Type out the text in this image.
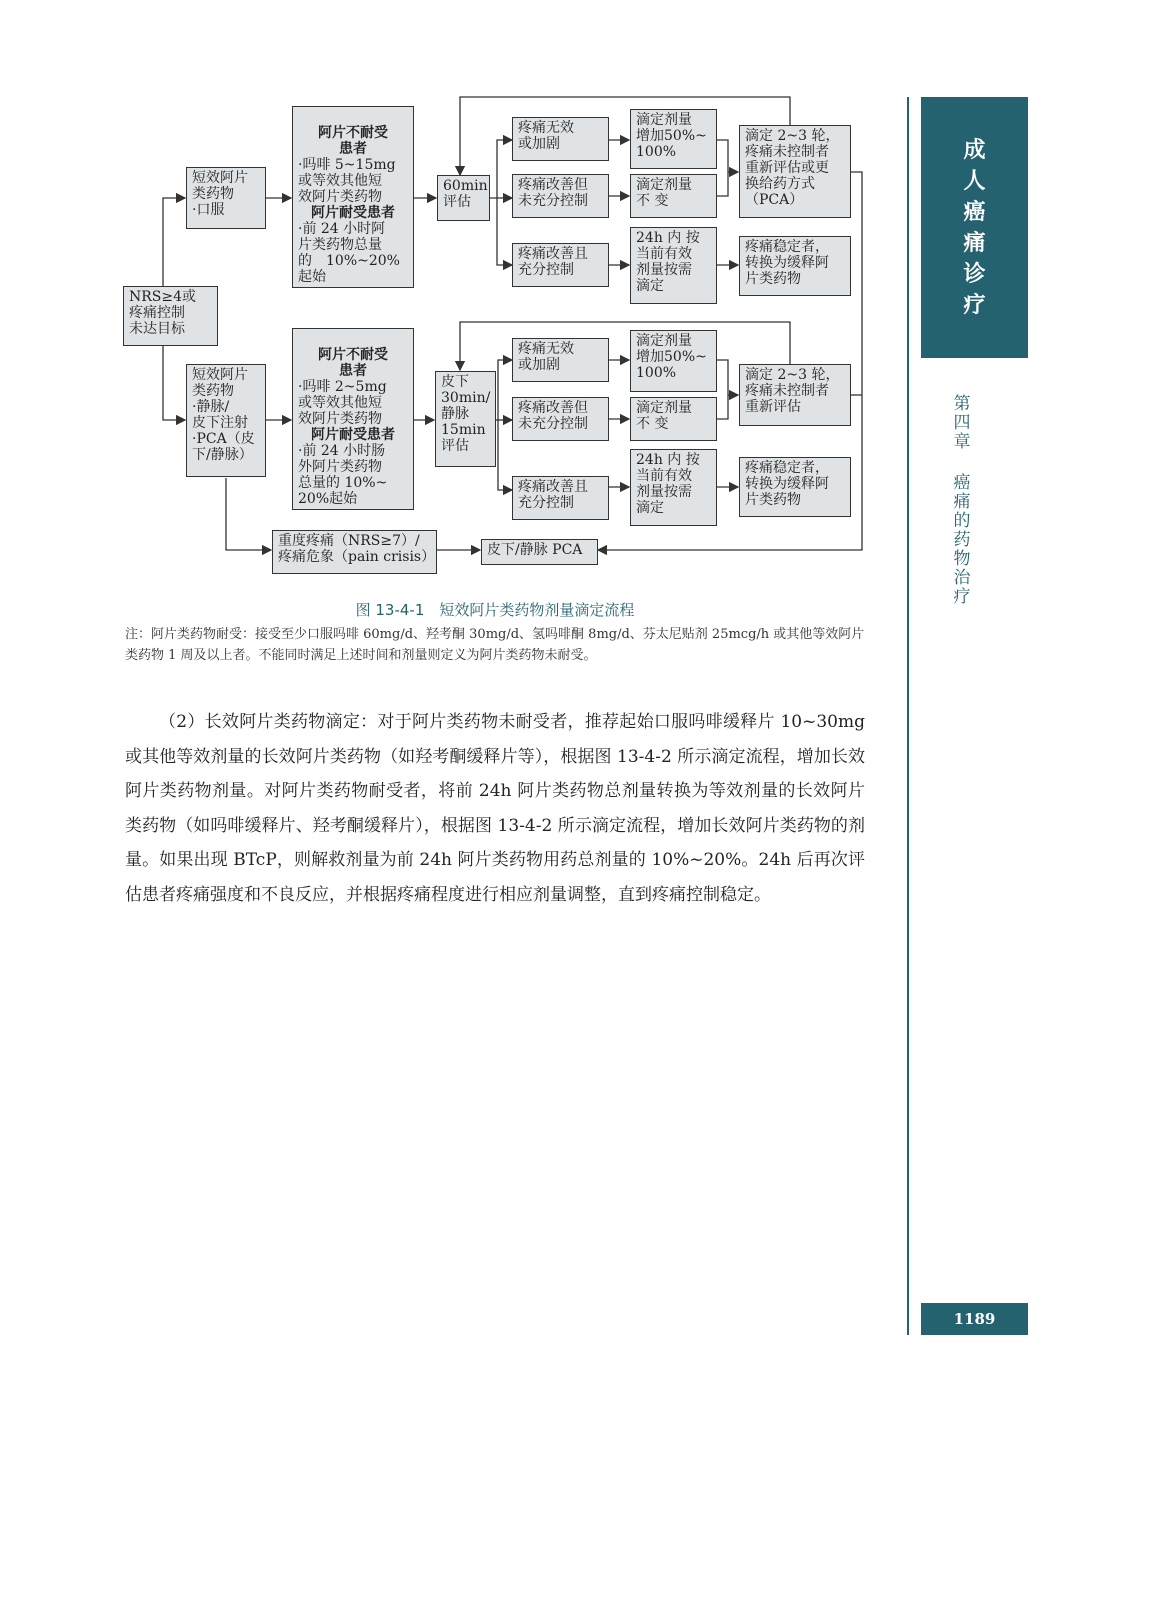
NRS≥4或
疼痛控制
未达目标
短效阿片
类药物
·口服

阿片不耐受
患者
·吗啡 5~15mg
或等效其他短
效阿片类药物

阿片耐受患者
·前 24 小时阿
片类药物总量
的　10%~20%
起始

60min
评估
疼痛无效
或加剧
疼痛改善但
未充分控制
疼痛改善且
充分控制
滴定剂量
增加50%~
100%
滴定剂量
不 变
24h 内 按
当前有效
剂量按需
滴定
滴定 2~3 轮，
疼痛未控制者
重新评估或更
换给药方式
（PCA）
疼痛稳定者，
转换为缓释阿
片类药物
短效阿片
类药物
·静脉/
皮下注射
·PCA（皮
下/静脉）

阿片不耐受
患者
·吗啡 2~5mg
或等效其他短
效阿片类药物

阿片耐受患者
·前 24 小时肠
外阿片类药物
总量的 10%~
20%起始

皮下
30min/
静脉
15min
评估
疼痛无效
或加剧
疼痛改善但
未充分控制
疼痛改善且
充分控制
滴定剂量
增加50%~
100%
滴定剂量
不 变
24h 内 按
当前有效
剂量按需
滴定
滴定 2~3 轮，
疼痛未控制者
重新评估
疼痛稳定者，
转换为缓释阿
片类药物
重度疼痛（NRS≥7）/
疼痛危象（pain crisis）	皮下/静脉 PCA
图 13-4-1　短效阿片类药物剂量滴定流程
注：阿片类药物耐受：接受至少口服吗啡 60mg/d、羟考酮 30mg/d、氢吗啡酮 8mg/d、芬太尼贴剂 25mcg/h 或其他等效阿片类药物 1 周及以上者。不能同时满足上述时间和剂量则定义为阿片类药物未耐受。
（2）长效阿片类药物滴定：对于阿片类药物未耐受者，推荐起始口服吗啡缓释片 10~30mg 或其他等效剂量的长效阿片类药物（如羟考酮缓释片等），根据图 13-4-2 所示滴定流程，增加长效阿片类药物剂量。对阿片类药物耐受者，将前 24h 阿片类药物总剂量转换为等效剂量的长效阿片类药物（如吗啡缓释片、羟考酮缓释片），根据图 13-4-2 所示滴定流程，增加长效阿片类药物的剂量。如果出现 BTcP，则解救剂量为前 24h 阿片类药物用药总剂量的 10%~20%。24h 后再次评估患者疼痛强度和不良反应，并根据疼痛程度进行相应剂量调整，直到疼痛控制稳定。
成人癌痛诊疗
第四章
癌痛的药物治疗
1189
